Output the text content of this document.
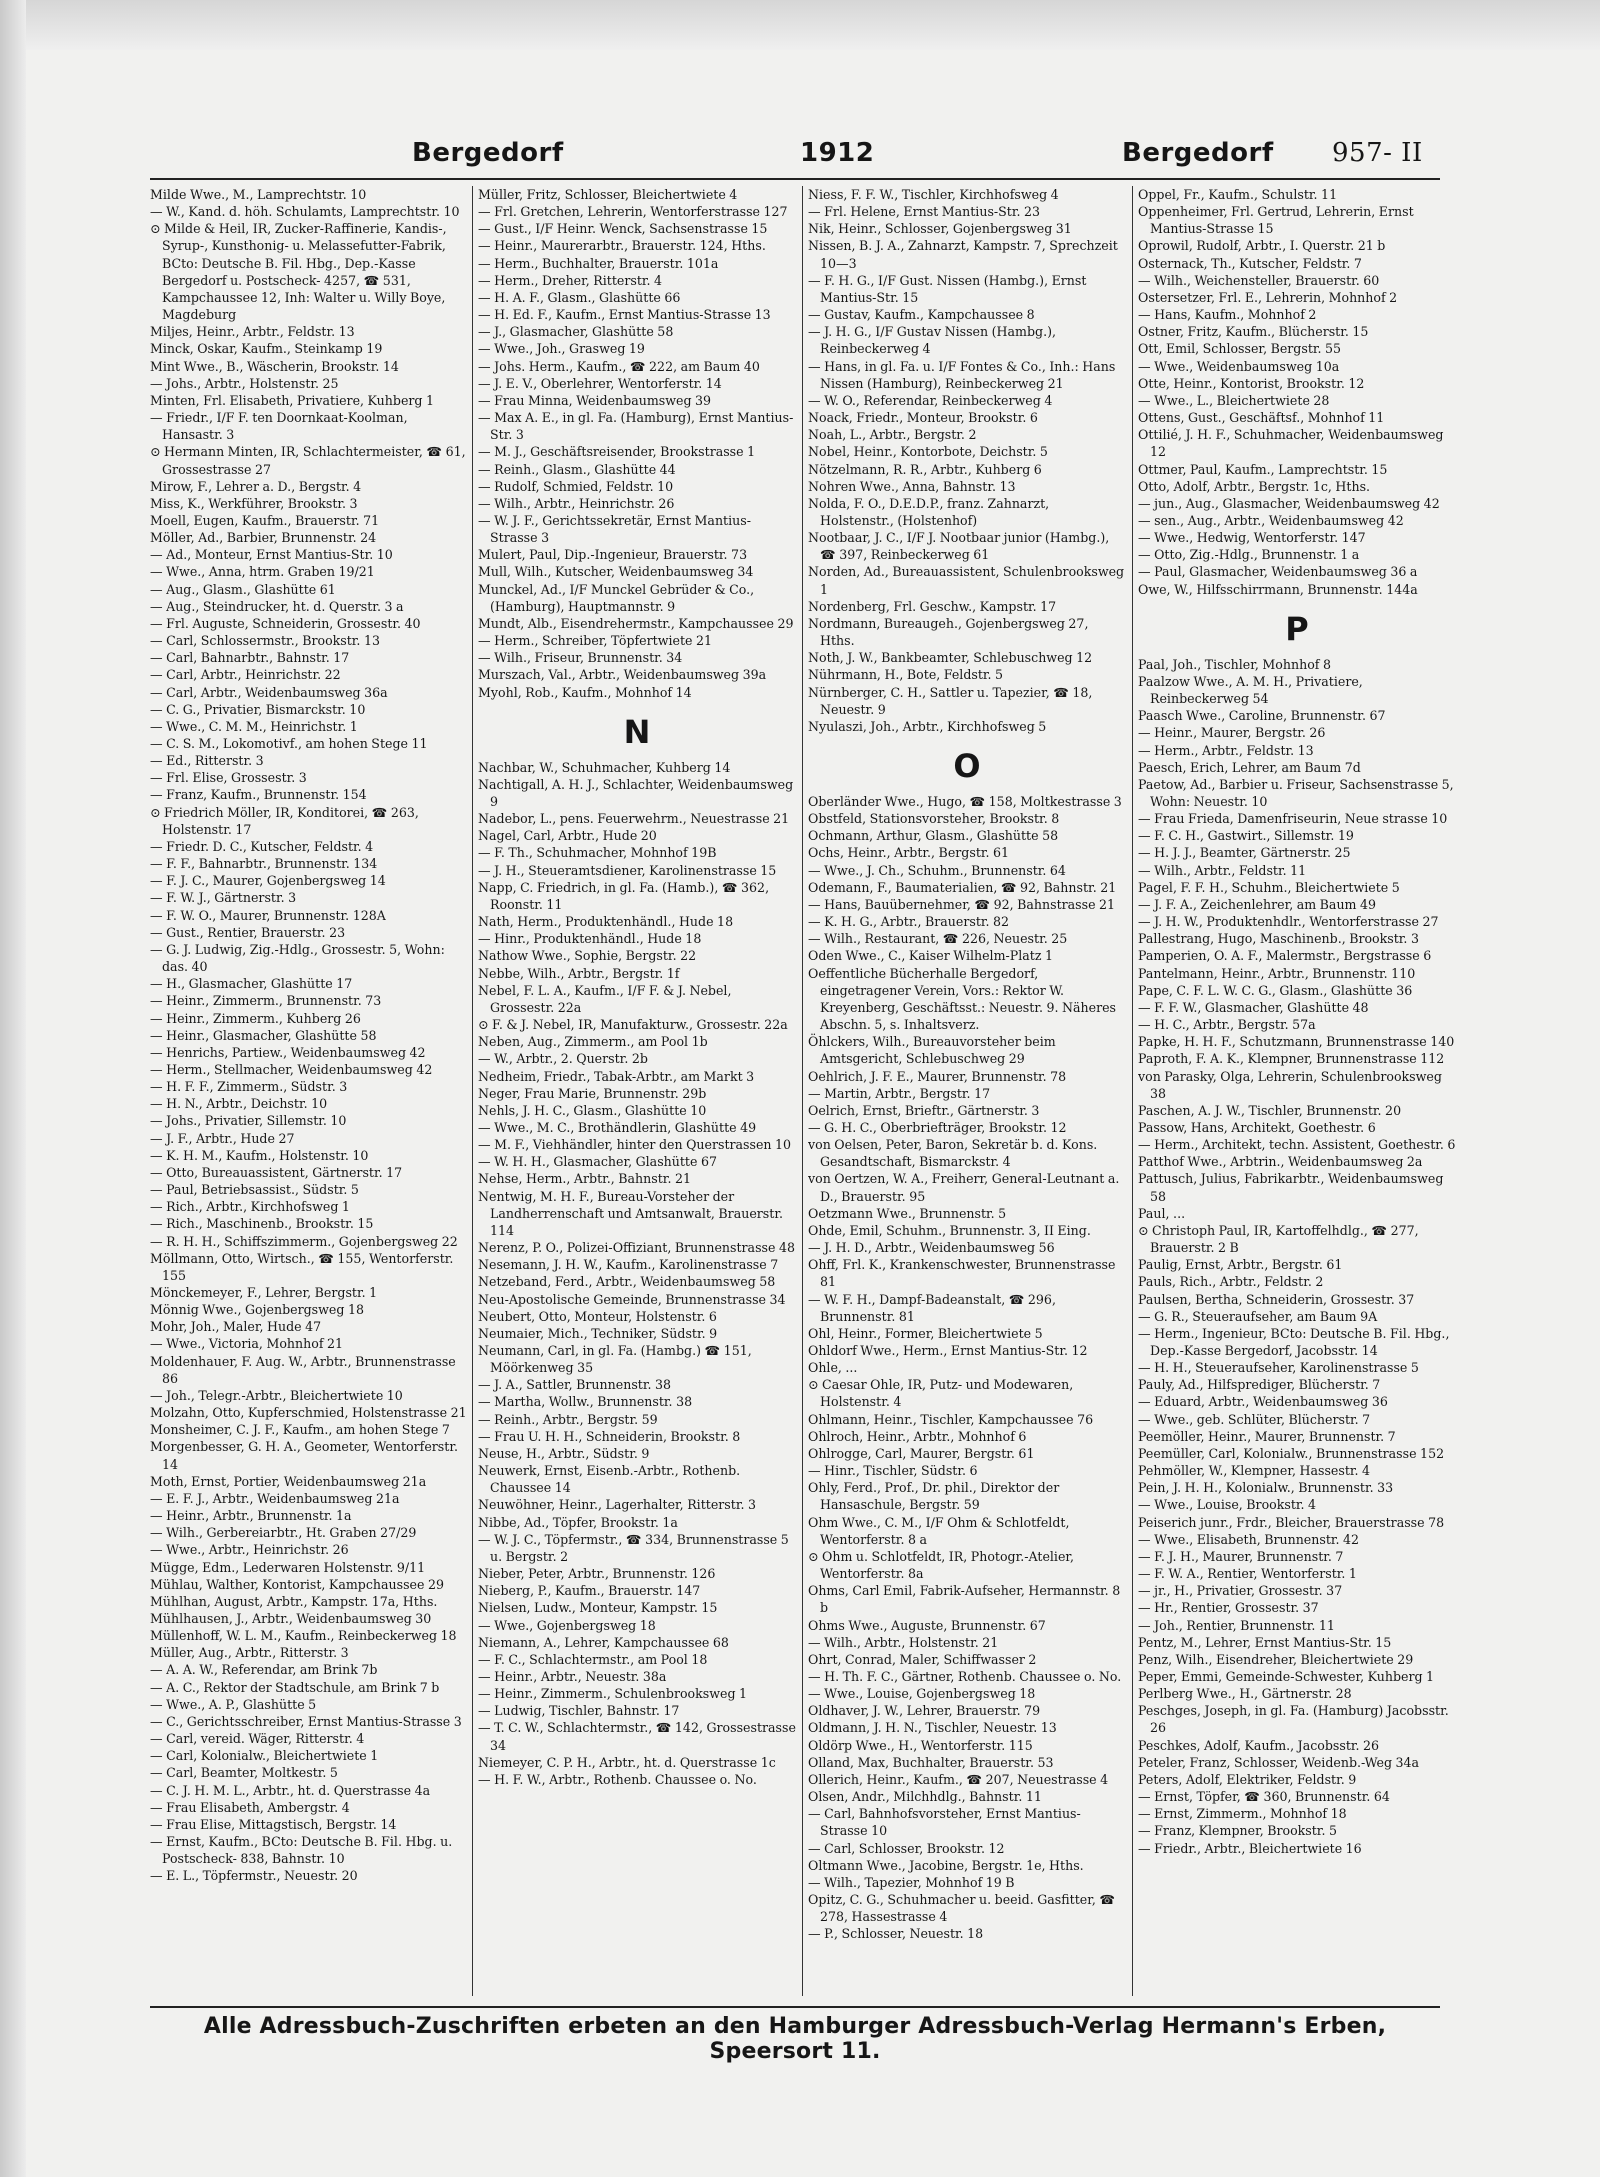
Bergedorf	1912	Bergedorf 957- II

Milde Wwe., M., Lamprechtstr. 10

— W., Kand. d. höh. Schulamts, Lamprechtstr. 10

⊙ Milde & Heil, IR, Zucker-Raffinerie, Kandis-, Syrup-, Kunsthonig- u. Melassefutter-Fabrik, BCto: Deutsche B. Fil. Hbg., Dep.-Kasse Bergedorf u. Postscheck- 4257, ☎ 531, Kampchaussee 12, Inh: Walter u. Willy Boye, Magdeburg

Miljes, Heinr., Arbtr., Feldstr. 13

Minck, Oskar, Kaufm., Steinkamp 19

Mint Wwe., B., Wäscherin, Brookstr. 14

— Johs., Arbtr., Holstenstr. 25

Minten, Frl. Elisabeth, Privatiere, Kuhberg 1

— Friedr., I/F F. ten Doornkaat-Koolman, Hansastr. 3

⊙ Hermann Minten, IR, Schlachtermeister, ☎ 61, Grossestrasse 27

Mirow, F., Lehrer a. D., Bergstr. 4

Miss, K., Werkführer, Brookstr. 3

Moell, Eugen, Kaufm., Brauerstr. 71

Möller, Ad., Barbier, Brunnenstr. 24

— Ad., Monteur, Ernst Mantius-Str. 10

— Wwe., Anna, htrm. Graben 19/21

— Aug., Glasm., Glashütte 61

— Aug., Steindrucker, ht. d. Querstr. 3 a

— Frl. Auguste, Schneiderin, Grossestr. 40

— Carl, Schlossermstr., Brookstr. 13

— Carl, Bahnarbtr., Bahnstr. 17

— Carl, Arbtr., Heinrichstr. 22

— Carl, Arbtr., Weidenbaumsweg 36a

— C. G., Privatier, Bismarckstr. 10

— Wwe., C. M. M., Heinrichstr. 1

— C. S. M., Lokomotivf., am hohen Stege 11

— Ed., Ritterstr. 3

— Frl. Elise, Grossestr. 3

— Franz, Kaufm., Brunnenstr. 154

⊙ Friedrich Möller, IR, Konditorei, ☎ 263, Holstenstr. 17

— Friedr. D. C., Kutscher, Feldstr. 4

— F. F., Bahnarbtr., Brunnenstr. 134

— F. J. C., Maurer, Gojenbergsweg 14

— F. W. J., Gärtnerstr. 3

— F. W. O., Maurer, Brunnenstr. 128A

— Gust., Rentier, Brauerstr. 23

— G. J. Ludwig, Zig.-Hdlg., Grossestr. 5, Wohn: das. 40

— H., Glasmacher, Glashütte 17

— Heinr., Zimmerm., Brunnenstr. 73

— Heinr., Zimmerm., Kuhberg 26

— Heinr., Glasmacher, Glashütte 58

— Henrichs, Partiew., Weidenbaumsweg 42

— Herm., Stellmacher, Weidenbaumsweg 42

— H. F. F., Zimmerm., Südstr. 3

— H. N., Arbtr., Deichstr. 10

— Johs., Privatier, Sillemstr. 10

— J. F., Arbtr., Hude 27

— K. H. M., Kaufm., Holstenstr. 10

— Otto, Bureauassistent, Gärtnerstr. 17

— Paul, Betriebsassist., Südstr. 5

— Rich., Arbtr., Kirchhofsweg 1

— Rich., Maschinenb., Brookstr. 15

— R. H. H., Schiffszimmerm., Gojenbergsweg 22

Möllmann, Otto, Wirtsch., ☎ 155, Wentorferstr. 155

Mönckemeyer, F., Lehrer, Bergstr. 1

Mönnig Wwe., Gojenbergsweg 18

Mohr, Joh., Maler, Hude 47

— Wwe., Victoria, Mohnhof 21

Moldenhauer, F. Aug. W., Arbtr., Brunnenstrasse 86

— Joh., Telegr.-Arbtr., Bleichertwiete 10

Molzahn, Otto, Kupferschmied, Holstenstrasse 21

Monsheimer, C. J. F., Kaufm., am hohen Stege 7

Morgenbesser, G. H. A., Geometer, Wentorferstr. 14

Moth, Ernst, Portier, Weidenbaumsweg 21a

— E. F. J., Arbtr., Weidenbaumsweg 21a

— Heinr., Arbtr., Brunnenstr. 1a

— Wilh., Gerbereiarbtr., Ht. Graben 27/29

— Wwe., Arbtr., Heinrichstr. 26

Mügge, Edm., Lederwaren Holstenstr. 9/11

Mühlau, Walther, Kontorist, Kampchaussee 29

Mühlhan, August, Arbtr., Kampstr. 17a, Hths.

Mühlhausen, J., Arbtr., Weidenbaumsweg 30

Müllenhoff, W. L. M., Kaufm., Reinbeckerweg 18

Müller, Aug., Arbtr., Ritterstr. 3

— A. A. W., Referendar, am Brink 7b

— A. C., Rektor der Stadtschule, am Brink 7 b

— Wwe., A. P., Glashütte 5

— C., Gerichtsschreiber, Ernst Mantius-Strasse 3

— Carl, vereid. Wäger, Ritterstr. 4

— Carl, Kolonialw., Bleichertwiete 1

— Carl, Beamter, Moltkestr. 5

— C. J. H. M. L., Arbtr., ht. d. Querstrasse 4a

— Frau Elisabeth, Ambergstr. 4

— Frau Elise, Mittagstisch, Bergstr. 14

— Ernst, Kaufm., BCto: Deutsche B. Fil. Hbg. u. Postscheck- 838, Bahnstr. 10

— E. L., Töpfermstr., Neuestr. 20

Müller, Fritz, Schlosser, Bleichertwiete 4

— Frl. Gretchen, Lehrerin, Wentorferstrasse 127

— Gust., I/F Heinr. Wenck, Sachsenstrasse 15

— Heinr., Maurerarbtr., Brauerstr. 124, Hths.

— Herm., Buchhalter, Brauerstr. 101a

— Herm., Dreher, Ritterstr. 4

— H. A. F., Glasm., Glashütte 66

— H. Ed. F., Kaufm., Ernst Mantius-Strasse 13

— J., Glasmacher, Glashütte 58

— Wwe., Joh., Grasweg 19

— Johs. Herm., Kaufm., ☎ 222, am Baum 40

— J. E. V., Oberlehrer, Wentorferstr. 14

— Frau Minna, Weidenbaumsweg 39

— Max A. E., in gl. Fa. (Hamburg), Ernst Mantius-Str. 3

— M. J., Geschäftsreisender, Brookstrasse 1

— Reinh., Glasm., Glashütte 44

— Rudolf, Schmied, Feldstr. 10

— Wilh., Arbtr., Heinrichstr. 26

— W. J. F., Gerichtssekretär, Ernst Mantius-Strasse 3

Mulert, Paul, Dip.-Ingenieur, Brauerstr. 73

Mull, Wilh., Kutscher, Weidenbaumsweg 34

Munckel, Ad., I/F Munckel Gebrüder & Co., (Hamburg), Hauptmannstr. 9

Mundt, Alb., Eisendrehermstr., Kampchaussee 29

— Herm., Schreiber, Töpfertwiete 21

— Wilh., Friseur, Brunnenstr. 34

Murszach, Val., Arbtr., Weidenbaumsweg 39a

Myohl, Rob., Kaufm., Mohnhof 14

N

Nachbar, W., Schuhmacher, Kuhberg 14

Nachtigall, A. H. J., Schlachter, Weidenbaumsweg 9

Nadebor, L., pens. Feuerwehrm., Neuestrasse 21

Nagel, Carl, Arbtr., Hude 20

— F. Th., Schuhmacher, Mohnhof 19B

— J. H., Steueramtsdiener, Karolinenstrasse 15

Napp, C. Friedrich, in gl. Fa. (Hamb.), ☎ 362, Roonstr. 11

Nath, Herm., Produktenhändl., Hude 18

— Hinr., Produktenhändl., Hude 18

Nathow Wwe., Sophie, Bergstr. 22

Nebbe, Wilh., Arbtr., Bergstr. 1f

Nebel, F. L. A., Kaufm., I/F F. & J. Nebel, Grossestr. 22a

⊙ F. & J. Nebel, IR, Manufakturw., Grossestr. 22a

Neben, Aug., Zimmerm., am Pool 1b

— W., Arbtr., 2. Querstr. 2b

Nedheim, Friedr., Tabak-Arbtr., am Markt 3

Neger, Frau Marie, Brunnenstr. 29b

Nehls, J. H. C., Glasm., Glashütte 10

— Wwe., M. C., Brothändlerin, Glashütte 49

— M. F., Viehhändler, hinter den Querstrassen 10

— W. H. H., Glasmacher, Glashütte 67

Nehse, Herm., Arbtr., Bahnstr. 21

Nentwig, M. H. F., Bureau-Vorsteher der Landherrenschaft und Amtsanwalt, Brauerstr. 114

Nerenz, P. O., Polizei-Offiziant, Brunnenstrasse 48

Nesemann, J. H. W., Kaufm., Karolinenstrasse 7

Netzeband, Ferd., Arbtr., Weidenbaumsweg 58

Neu-Apostolische Gemeinde, Brunnenstrasse 34

Neubert, Otto, Monteur, Holstenstr. 6

Neumaier, Mich., Techniker, Südstr. 9

Neumann, Carl, in gl. Fa. (Hambg.) ☎ 151, Möörkenweg 35

— J. A., Sattler, Brunnenstr. 38

— Martha, Wollw., Brunnenstr. 38

— Reinh., Arbtr., Bergstr. 59

— Frau U. H. H., Schneiderin, Brookstr. 8

Neuse, H., Arbtr., Südstr. 9

Neuwerk, Ernst, Eisenb.-Arbtr., Rothenb. Chaussee 14

Neuwöhner, Heinr., Lagerhalter, Ritterstr. 3

Nibbe, Ad., Töpfer, Brookstr. 1a

— W. J. C., Töpfermstr., ☎ 334, Brunnenstrasse 5 u. Bergstr. 2

Nieber, Peter, Arbtr., Brunnenstr. 126

Nieberg, P., Kaufm., Brauerstr. 147

Nielsen, Ludw., Monteur, Kampstr. 15

— Wwe., Gojenbergsweg 18

Niemann, A., Lehrer, Kampchaussee 68

— F. C., Schlachtermstr., am Pool 18

— Heinr., Arbtr., Neuestr. 38a

— Heinr., Zimmerm., Schulenbrooksweg 1

— Ludwig, Tischler, Bahnstr. 17

— T. C. W., Schlachtermstr., ☎ 142, Grossestrasse 34

Niemeyer, C. P. H., Arbtr., ht. d. Querstrasse 1c

— H. F. W., Arbtr., Rothenb. Chaussee o. No.

Niess, F. F. W., Tischler, Kirchhofsweg 4

— Frl. Helene, Ernst Mantius-Str. 23

Nik, Heinr., Schlosser, Gojenbergsweg 31

Nissen, B. J. A., Zahnarzt, Kampstr. 7, Sprechzeit 10—3

— F. H. G., I/F Gust. Nissen (Hambg.), Ernst Mantius-Str. 15

— Gustav, Kaufm., Kampchaussee 8

— J. H. G., I/F Gustav Nissen (Hambg.), Reinbeckerweg 4

— Hans, in gl. Fa. u. I/F Fontes & Co., Inh.: Hans Nissen (Hamburg), Reinbeckerweg 21

— W. O., Referendar, Reinbeckerweg 4

Noack, Friedr., Monteur, Brookstr. 6

Noah, L., Arbtr., Bergstr. 2

Nobel, Heinr., Kontorbote, Deichstr. 5

Nötzelmann, R. R., Arbtr., Kuhberg 6

Nohren Wwe., Anna, Bahnstr. 13

Nolda, F. O., D.E.D.P., franz. Zahnarzt, Holstenstr., (Holstenhof)

Nootbaar, J. C., I/F J. Nootbaar junior (Hambg.), ☎ 397, Reinbeckerweg 61

Norden, Ad., Bureauassistent, Schulenbrooksweg 1

Nordenberg, Frl. Geschw., Kampstr. 17

Nordmann, Bureaugeh., Gojenbergsweg 27, Hths.

Noth, J. W., Bankbeamter, Schlebuschweg 12

Nührmann, H., Bote, Feldstr. 5

Nürnberger, C. H., Sattler u. Tapezier, ☎ 18, Neuestr. 9

Nyulaszi, Joh., Arbtr., Kirchhofsweg 5

O

Oberländer Wwe., Hugo, ☎ 158, Moltkestrasse 3

Obstfeld, Stationsvorsteher, Brookstr. 8

Ochmann, Arthur, Glasm., Glashütte 58

Ochs, Heinr., Arbtr., Bergstr. 61

— Wwe., J. Ch., Schuhm., Brunnenstr. 64

Odemann, F., Baumaterialien, ☎ 92, Bahnstr. 21

— Hans, Bauübernehmer, ☎ 92, Bahnstrasse 21

— K. H. G., Arbtr., Brauerstr. 82

— Wilh., Restaurant, ☎ 226, Neuestr. 25

Oden Wwe., C., Kaiser Wilhelm-Platz 1

Oeffentliche Bücherhalle Bergedorf, eingetragener Verein, Vors.: Rektor W. Kreyenberg, Geschäftsst.: Neuestr. 9. Näheres Abschn. 5, s. Inhaltsverz.

Öhlckers, Wilh., Bureauvorsteher beim Amtsgericht, Schlebuschweg 29

Oehlrich, J. F. E., Maurer, Brunnenstr. 78

— Martin, Arbtr., Bergstr. 17

Oelrich, Ernst, Brieftr., Gärtnerstr. 3

— G. H. C., Oberbriefträger, Brookstr. 12

von Oelsen, Peter, Baron, Sekretär b. d. Kons. Gesandtschaft, Bismarckstr. 4

von Oertzen, W. A., Freiherr, General-Leutnant a. D., Brauerstr. 95

Oetzmann Wwe., Brunnenstr. 5

Ohde, Emil, Schuhm., Brunnenstr. 3, II Eing.

— J. H. D., Arbtr., Weidenbaumsweg 56

Ohff, Frl. K., Krankenschwester, Brunnenstrasse 81

— W. F. H., Dampf-Badeanstalt, ☎ 296, Brunnenstr. 81

Ohl, Heinr., Former, Bleichertwiete 5

Ohldorf Wwe., Herm., Ernst Mantius-Str. 12

Ohle, ...

⊙ Caesar Ohle, IR, Putz- und Modewaren, Holstenstr. 4

Ohlmann, Heinr., Tischler, Kampchaussee 76

Ohlroch, Heinr., Arbtr., Mohnhof 6

Ohlrogge, Carl, Maurer, Bergstr. 61

— Hinr., Tischler, Südstr. 6

Ohly, Ferd., Prof., Dr. phil., Direktor der Hansaschule, Bergstr. 59

Ohm Wwe., C. M., I/F Ohm & Schlotfeldt, Wentorferstr. 8 a

⊙ Ohm u. Schlotfeldt, IR, Photogr.-Atelier, Wentorferstr. 8a

Ohms, Carl Emil, Fabrik-Aufseher, Hermannstr. 8 b

Ohms Wwe., Auguste, Brunnenstr. 67

— Wilh., Arbtr., Holstenstr. 21

Ohrt, Conrad, Maler, Schiffwasser 2

— H. Th. F. C., Gärtner, Rothenb. Chaussee o. No.

— Wwe., Louise, Gojenbergsweg 18

Oldhaver, J. W., Lehrer, Brauerstr. 79

Oldmann, J. H. N., Tischler, Neuestr. 13

Oldörp Wwe., H., Wentorferstr. 115

Olland, Max, Buchhalter, Brauerstr. 53

Ollerich, Heinr., Kaufm., ☎ 207, Neuestrasse 4

Olsen, Andr., Milchhdlg., Bahnstr. 11

— Carl, Bahnhofsvorsteher, Ernst Mantius-Strasse 10

— Carl, Schlosser, Brookstr. 12

Oltmann Wwe., Jacobine, Bergstr. 1e, Hths.

— Wilh., Tapezier, Mohnhof 19 B

Opitz, C. G., Schuhmacher u. beeid. Gasfitter, ☎ 278, Hassestrasse 4

— P., Schlosser, Neuestr. 18

Oppel, Fr., Kaufm., Schulstr. 11

Oppenheimer, Frl. Gertrud, Lehrerin, Ernst Mantius-Strasse 15

Oprowil, Rudolf, Arbtr., I. Querstr. 21 b

Osternack, Th., Kutscher, Feldstr. 7

— Wilh., Weichensteller, Brauerstr. 60

Ostersetzer, Frl. E., Lehrerin, Mohnhof 2

— Hans, Kaufm., Mohnhof 2

Ostner, Fritz, Kaufm., Blücherstr. 15

Ott, Emil, Schlosser, Bergstr. 55

— Wwe., Weidenbaumsweg 10a

Otte, Heinr., Kontorist, Brookstr. 12

— Wwe., L., Bleichertwiete 28

Ottens, Gust., Geschäftsf., Mohnhof 11

Ottilié, J. H. F., Schuhmacher, Weidenbaumsweg 12

Ottmer, Paul, Kaufm., Lamprechtstr. 15

Otto, Adolf, Arbtr., Bergstr. 1c, Hths.

— jun., Aug., Glasmacher, Weidenbaumsweg 42

— sen., Aug., Arbtr., Weidenbaumsweg 42

— Wwe., Hedwig, Wentorferstr. 147

— Otto, Zig.-Hdlg., Brunnenstr. 1 a

— Paul, Glasmacher, Weidenbaumsweg 36 a

Owe, W., Hilfsschirrmann, Brunnenstr. 144a

P

Paal, Joh., Tischler, Mohnhof 8

Paalzow Wwe., A. M. H., Privatiere, Reinbeckerweg 54

Paasch Wwe., Caroline, Brunnenstr. 67

— Heinr., Maurer, Bergstr. 26

— Herm., Arbtr., Feldstr. 13

Paesch, Erich, Lehrer, am Baum 7d

Paetow, Ad., Barbier u. Friseur, Sachsenstrasse 5, Wohn: Neuestr. 10

— Frau Frieda, Damenfriseurin, Neue strasse 10

— F. C. H., Gastwirt., Sillemstr. 19

— H. J. J., Beamter, Gärtnerstr. 25

— Wilh., Arbtr., Feldstr. 11

Pagel, F. F. H., Schuhm., Bleichertwiete 5

— J. F. A., Zeichenlehrer, am Baum 49

— J. H. W., Produktenhdlr., Wentorferstrasse 27

Pallestrang, Hugo, Maschinenb., Brookstr. 3

Pamperien, O. A. F., Malermstr., Bergstrasse 6

Pantelmann, Heinr., Arbtr., Brunnenstr. 110

Pape, C. F. L. W. C. G., Glasm., Glashütte 36

— F. F. W., Glasmacher, Glashütte 48

— H. C., Arbtr., Bergstr. 57a

Papke, H. H. F., Schutzmann, Brunnenstrasse 140

Paproth, F. A. K., Klempner, Brunnenstrasse 112

von Parasky, Olga, Lehrerin, Schulenbrooksweg 38

Paschen, A. J. W., Tischler, Brunnenstr. 20

Passow, Hans, Architekt, Goethestr. 6

— Herm., Architekt, techn. Assistent, Goethestr. 6

Patthof Wwe., Arbtrin., Weidenbaumsweg 2a

Pattusch, Julius, Fabrikarbtr., Weidenbaumsweg 58

Paul, ...

⊙ Christoph Paul, IR, Kartoffelhdlg., ☎ 277, Brauerstr. 2 B

Paulig, Ernst, Arbtr., Bergstr. 61

Pauls, Rich., Arbtr., Feldstr. 2

Paulsen, Bertha, Schneiderin, Grossestr. 37

— G. R., Steueraufseher, am Baum 9A

— Herm., Ingenieur, BCto: Deutsche B. Fil. Hbg., Dep.-Kasse Bergedorf, Jacobsstr. 14

— H. H., Steueraufseher, Karolinenstrasse 5

Pauly, Ad., Hilfsprediger, Blücherstr. 7

— Eduard, Arbtr., Weidenbaumsweg 36

— Wwe., geb. Schlüter, Blücherstr. 7

Peemöller, Heinr., Maurer, Brunnenstr. 7

Peemüller, Carl, Kolonialw., Brunnenstrasse 152

Pehmöller, W., Klempner, Hassestr. 4

Pein, J. H. H., Kolonialw., Brunnenstr. 33

— Wwe., Louise, Brookstr. 4

Peiserich junr., Frdr., Bleicher, Brauerstrasse 78

— Wwe., Elisabeth, Brunnenstr. 42

— F. J. H., Maurer, Brunnenstr. 7

— F. W. A., Rentier, Wentorferstr. 1

— jr., H., Privatier, Grossestr. 37

— Hr., Rentier, Grossestr. 37

— Joh., Rentier, Brunnenstr. 11

Pentz, M., Lehrer, Ernst Mantius-Str. 15

Penz, Wilh., Eisendreher, Bleichertwiete 29

Peper, Emmi, Gemeinde-Schwester, Kuhberg 1

Perlberg Wwe., H., Gärtnerstr. 28

Peschges, Joseph, in gl. Fa. (Hamburg) Jacobsstr. 26

Peschkes, Adolf, Kaufm., Jacobsstr. 26

Peteler, Franz, Schlosser, Weidenb.-Weg 34a

Peters, Adolf, Elektriker, Feldstr. 9

— Ernst, Töpfer, ☎ 360, Brunnenstr. 64

— Ernst, Zimmerm., Mohnhof 18

— Franz, Klempner, Brookstr. 5

— Friedr., Arbtr., Bleichertwiete 16

Alle Adressbuch-Zuschriften erbeten an den Hamburger Adressbuch-Verlag Hermann's Erben, Speersort 11.
